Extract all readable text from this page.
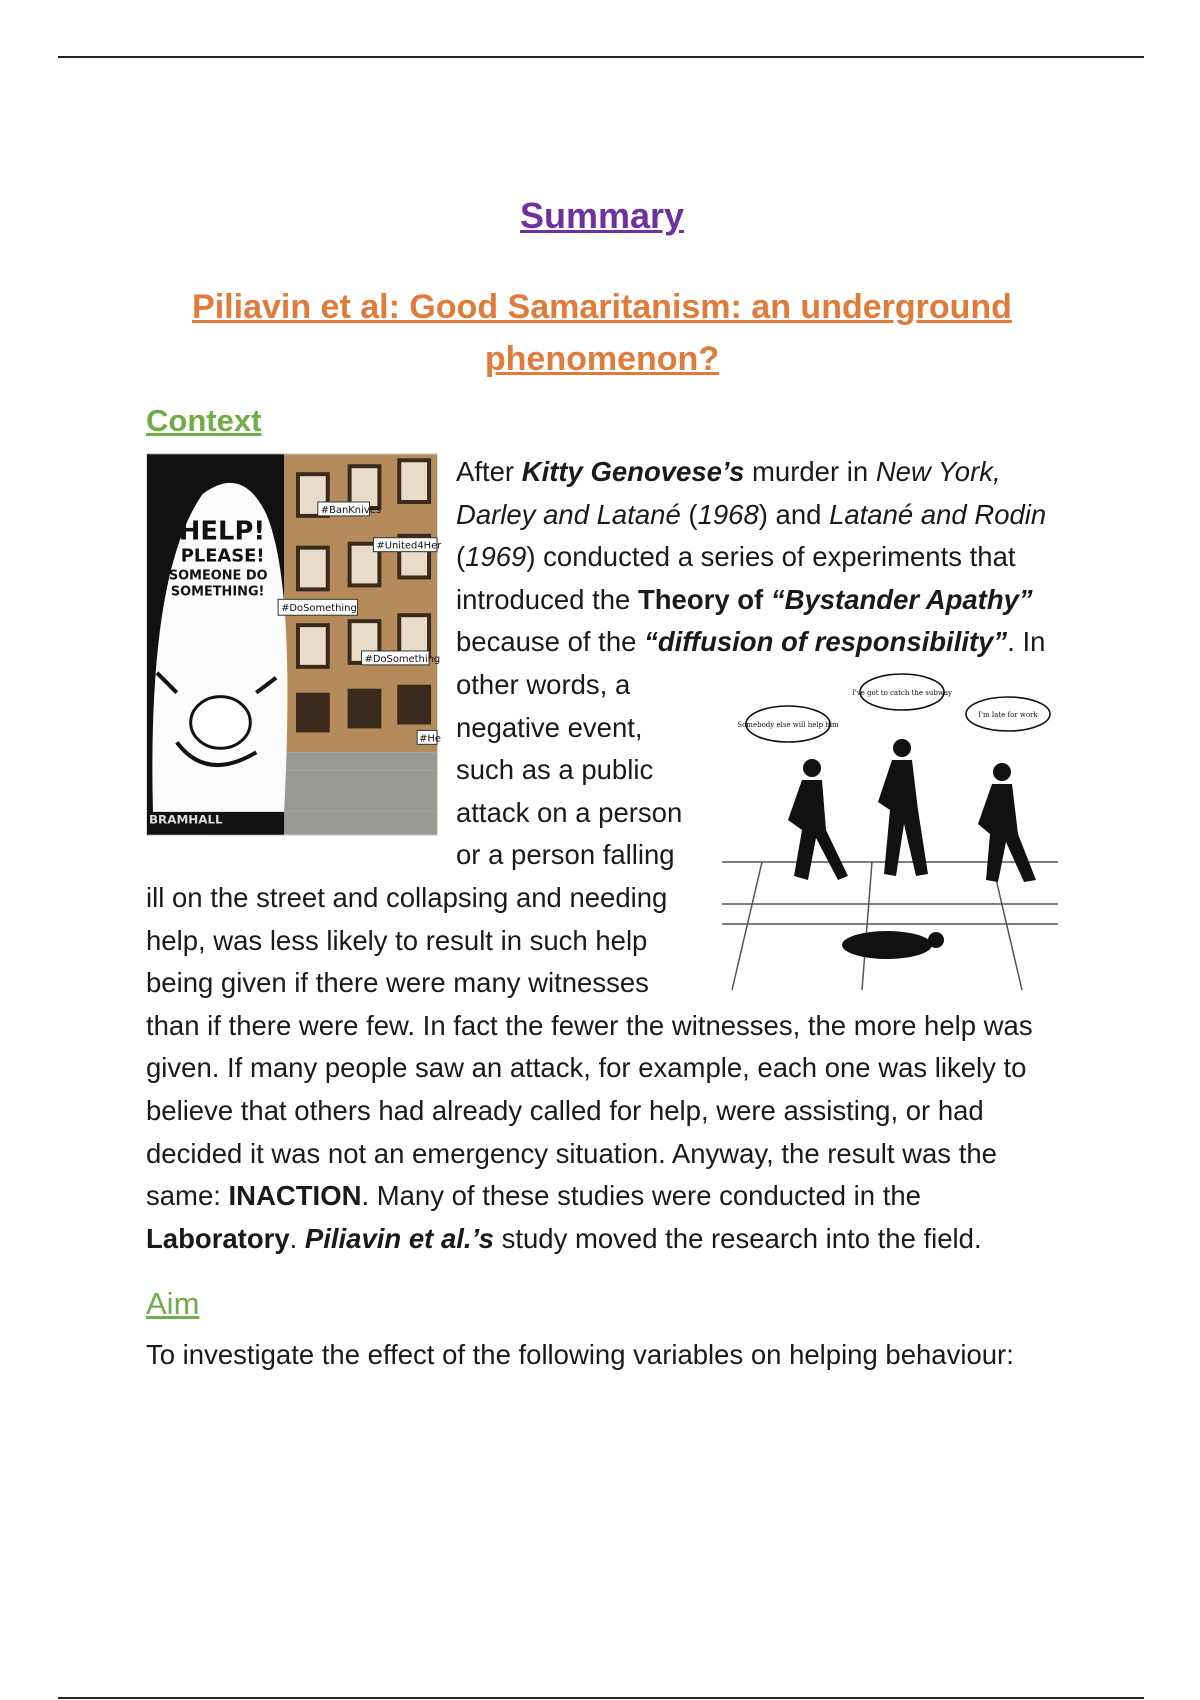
Summary
Piliavin et al: Good Samaritanism: an underground phenomenon?
Context
#BanKnives
#United4Her
#DoSomething
#DoSomething
#He
HELP!
PLEASE!
SOMEONE DO
SOMETHING!
BRAMHALL
After Kitty Genovese’s murder in New York, Darley and Latané (1968) and Latané and Rodin (1969) conducted a series of experiments that introduced the Theory of “Bystander Apathy” because of the “diffusion of responsibility”
Somebody else will help him
I've got to catch the subway
I'm late for work
. In other words, a negative event, such as a public attack on a person or a person falling ill on the street and collapsing and needing help, was less likely to result in such help being given if there were many witnesses than if there were few. In fact the fewer the witnesses, the more help was given. If many people saw an attack, for example, each one was likely to believe that others had already called for help, were assisting, or had decided it was not an emergency situation. Anyway, the result was the same: INACTION. Many of these studies were conducted in the Laboratory. Piliavin et al.’s study moved the research into the field.
Aim
To investigate the effect of the following variables on helping behaviour:
